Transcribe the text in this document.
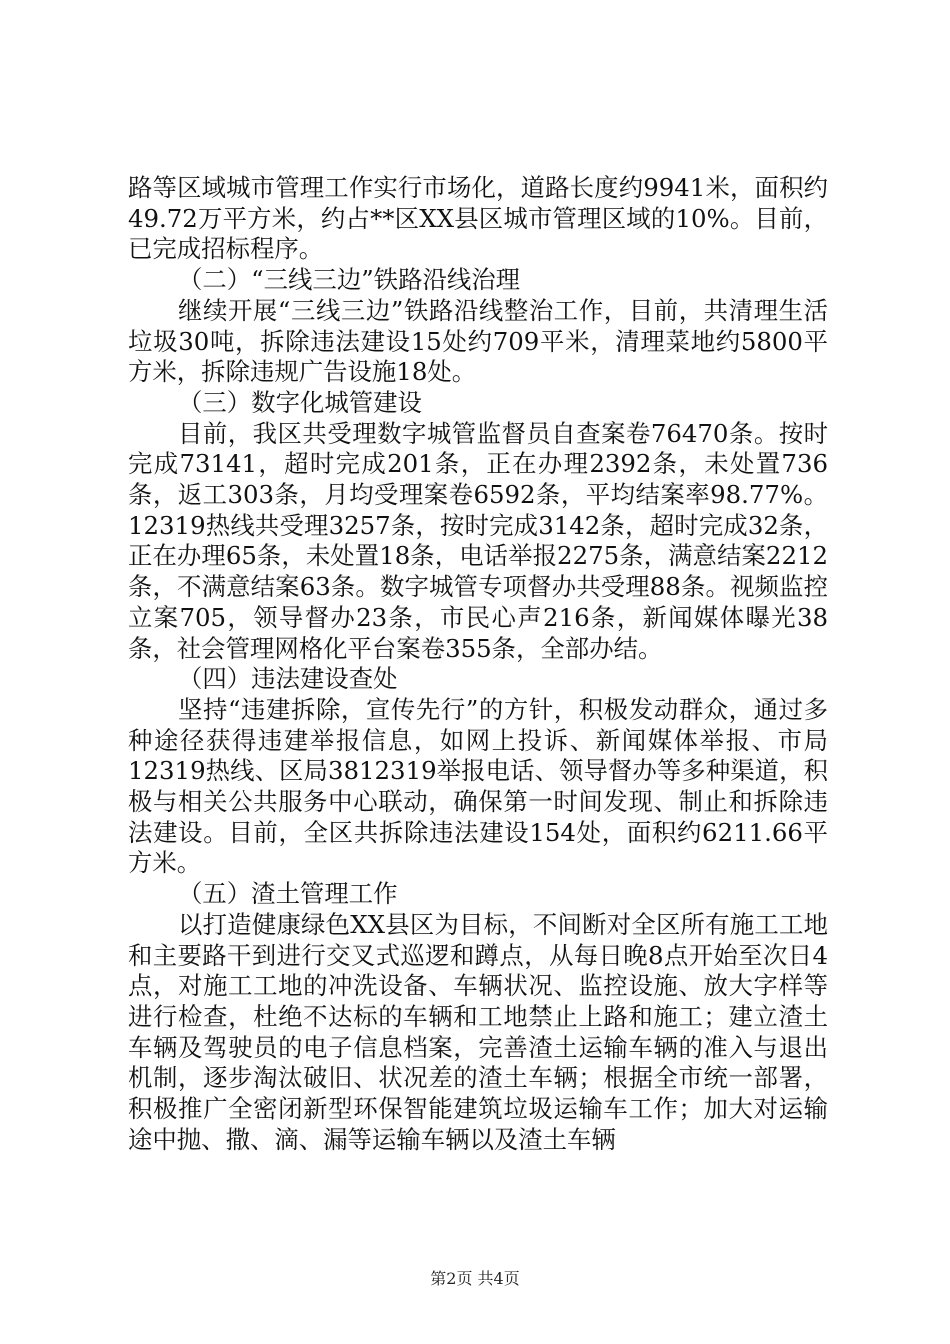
路等区域城市管理工作实行市场化，道路长度约9941米，面积约49.72万平方米，约占**区XX县区城市管理区域的10%。目前，已完成招标程序。

（二）“三线三边”铁路沿线治理

继续开展“三线三边”铁路沿线整治工作，目前，共清理生活垃圾30吨，拆除违法建设15处约709平米，清理菜地约5800平方米，拆除违规广告设施18处。

（三）数字化城管建设

目前，我区共受理数字城管监督员自查案卷76470条。按时完成73141，超时完成201条，正在办理2392条，未处置736条，返工303条，月均受理案卷6592条，平均结案率98.77%。12319热线共受理3257条，按时完成3142条，超时完成32条，正在办理65条，未处置18条，电话举报2275条，满意结案2212条，不满意结案63条。数字城管专项督办共受理88条。视频监控立案705，领导督办23条，市民心声216条，新闻媒体曝光38条，社会管理网格化平台案卷355条，全部办结。

（四）违法建设查处

坚持“违建拆除，宣传先行”的方针，积极发动群众，通过多种途径获得违建举报信息，如网上投诉、新闻媒体举报、市局12319热线、区局3812319举报电话、领导督办等多种渠道，积极与相关公共服务中心联动，确保第一时间发现、制止和拆除违法建设。目前，全区共拆除违法建设154处，面积约6211.66平方米。

（五）渣土管理工作

以打造健康绿色XX县区为目标，不间断对全区所有施工工地和主要路干到进行交叉式巡逻和蹲点，从每日晚8点开始至次日4点，对施工工地的冲洗设备、车辆状况、监控设施、放大字样等进行检查，杜绝不达标的车辆和工地禁止上路和施工；建立渣土车辆及驾驶员的电子信息档案，完善渣土运输车辆的准入与退出机制，逐步淘汰破旧、状况差的渣土车辆；根据全市统一部署，积极推广全密闭新型环保智能建筑垃圾运输车工作；加大对运输途中抛、撒、滴、漏等运输车辆以及渣土车辆

第2页 共4页
